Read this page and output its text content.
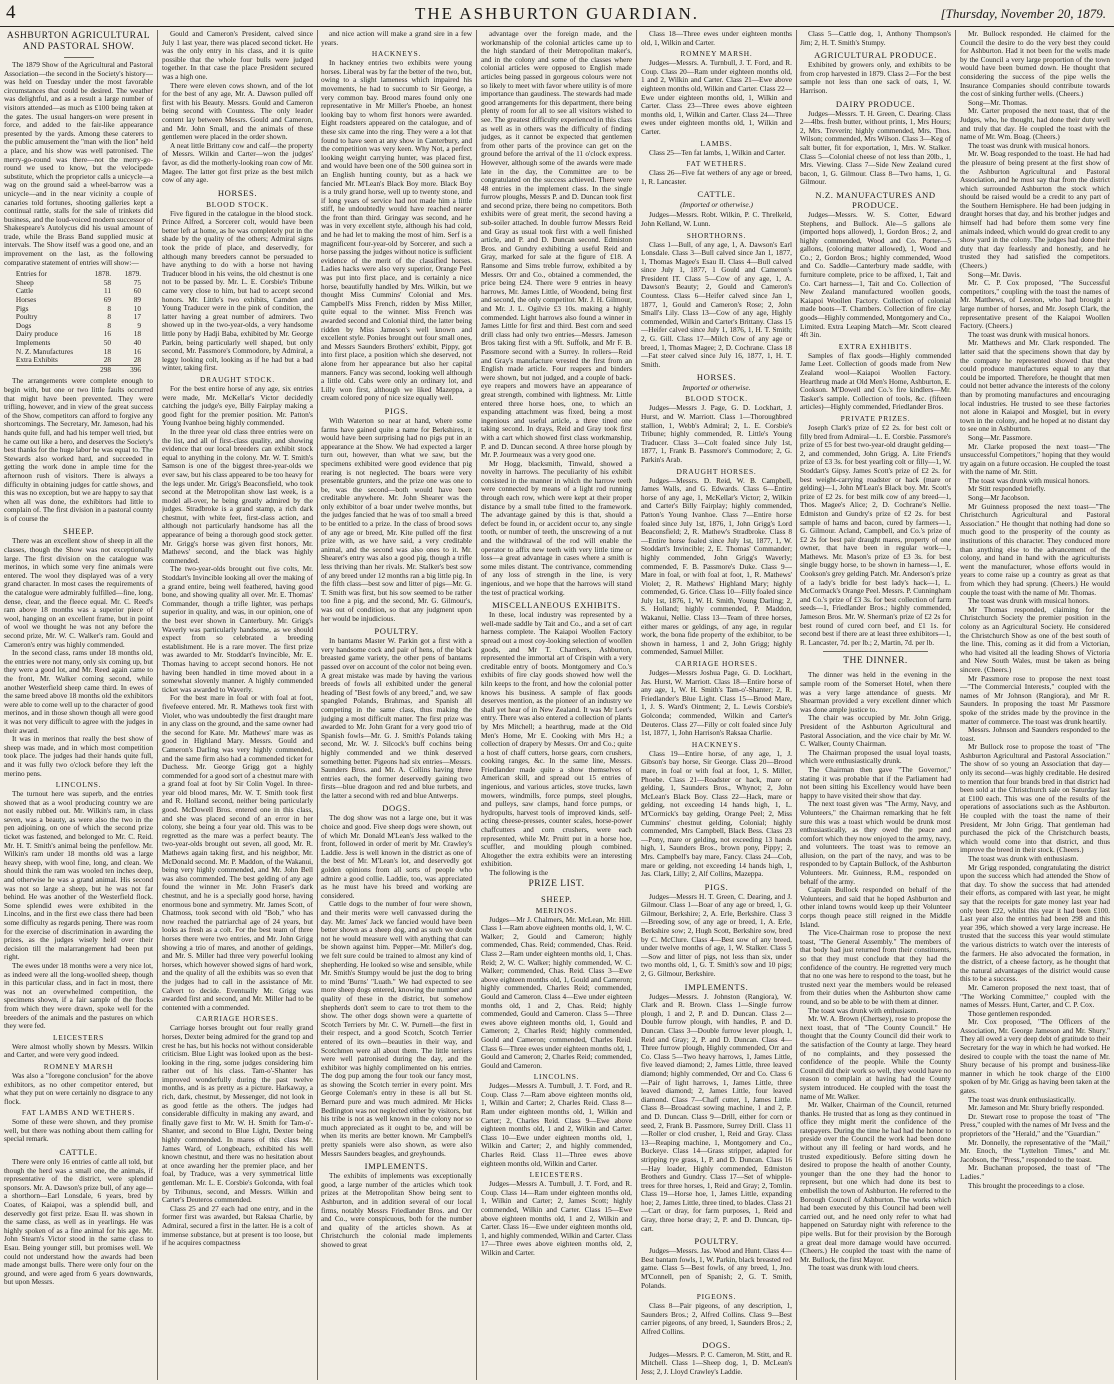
4	THE ASHBURTON GUARDIAN.	[Thursday, November 20, 1879.
ASHBURTON AGRICULTURAL AND PASTORAL SHOW.

The 1879 Show of the Agricultural and Pastoral Association—the second in the Society's history—was held on Tuesday under the most favorable circumstances that could be desired. The weather was delightful, and as a result a large number of visitors attended—as much as £100 being taken at the gates. The usual hangers-on were present in force, and added to the fair-like appearance presented by the yards. Among these caterers to the public amusement the "man with the lion" held a place, and his show was well patronised. The merry-go-round was there—not the merry-go-round we used to know, but the velocipede substitute, which the proprietor calls a unicycle—a wag on the ground said a wheel-barrow was a unicycle—and in the near vicinity a couple of canaries told fortunes, shooting galleries kept a continual rattle, stalls for the sale of trinkets did business, and the loud-voiced modern successor of Shakespeare's Autolycus did his usual amount of trade, while the Brass Band supplied music at intervals. The Show itself was a good one, and an improvement on the last, as the following comparative statement of entries will show:—

Entries for	1878.	1879.
Sheep	58	75
Cattle	11	60
Horses	69	89
Pigs	8	10
Poultry	8	17
Dogs	8	9
Dairy produce	16	18
Implements	50	40
N. Z. Manufactures	18	16
Extra Exhibits	28	28
	298	396

The arrangements were complete enough to begin with, but one or two little faults occurred that might have been prevented. They were trifling, however, and in view of the great success of the Show, competitors can afford to forgive any shortcomings. The Secretary, Mr. Jameson, had his hands quite full, and had his temper well tried, but he came out like a hero, and deserves the Society's best thanks for the huge labor he was equal to. The Stewards also worked hard, and succeeded in getting the work done in ample time for the afternoon rush of visitors. There is always a difficulty in obtaining judges for cattle shows, and this was no exception, but we are happy to say that when all was done, the exhibitors had little to complain of. The first division in a pastoral county is of course the

SHEEP.

There was an excellent show of sheep in all the classes, though the Show was not exceptionally large. The first division on the catalogue was merinos, in which some very fine animals were entered. The wool they displayed was of a very grand character. In most cases the requirements of the catalogue were admirably fulfilled—fine, long, dense, clear, and the fleece equal. Mr. C. Reed's ram above 18 months was a superior piece of wool, hanging on an excellent frame, but in point of wool we thought he was not any before the second prize, Mr. W. C. Walker's ram. Gould and Cameron's entry was highly commended.

In the second class, rams under 18 months old, the entries were not many, only six coming up, but they were a good lot, and Mr. Reed again came to the front, Mr. Walker coming second, while another Westerfield sheep came third. In ewes of the same breed above 18 months old the exhibitors were able to come well up to the character of good merinos, and in those shown though all were good it was not very difficult to agree with the judges in their award.

It was in merinos that really the best show of sheep was made, and in which most competition took place. The judges had their hands quite full, and it was fully two o'clock before they left the merino pens.

LINCOLNS.

The turnout here was superb, and the entries showed that as a wool producing country we are not easily rubbed out. Mr. Wilkin's ram, in class seven, was a beauty, as were also the two in the pen adjoining, on one of which the second prize ticket was fastened, and belonged to Mr. C. Reid. Mr. H. T. Smith's animal being the penfellow. Mr. Wilkin's ram under 18 months old was a large heavy sheep, with wool fine, long, and clean. We should think the ram was wooled ten inches deep, and otherwise he was a grand animal. His second was not so large a sheep, but he was not far behind. He was another of the Westerfield flock. Some splendid ewes were exhibited in the Lincolns, and in the first ewe class there had been some difficulty as regards pening. There was room for the exercise of discrimination in awarding the prizes, as the judges wisely held over their decision till the malarrangement had been put right.

The ewes under 18 months were a very nice lot, as indeed were all the long-woolled sheep, though in this particular class, and in fact in most, there was not an overwhelmed competition, the specimens shown, if a fair sample of the flocks from which they were drawn, spoke well for the breeders of the animals and the pastures on which they were fed.

LEICESTERS

Were almost wholly shown by Messrs. Wilkin and Carter, and were very good indeed.

ROMNEY MARSH

Was also a "foregone conclusion" for the above exhibitors, as no other competitor entered, but what they put on were certainly no disgrace to any flock.

FAT LAMBS AND WETHERS.

Some of these were shown, and they promise well, but there was nothing about them calling for special remark.

CATTLE.

There were only 16 entries of cattle all told, but though the herd was a small one, the animals, if representative of the district, were splendid sponsors. Mr. A. Dawson's prize bull, of any age—a shorthorn—Earl Lonsdale, 6 years, bred by Coates, of Kaiapoi, was a splendid bull, and deservedly got first prize. Esau II. was shown in the same class, as well as in yearlings. He was highly spoken of as a fine animal for his age. Mr. John Stearn's Victor stood in the same class to Esau. Being younger still, but promises well. We could not understand how the awards had been made amongst bulls. There were only four on the ground, and were aged from 6 years downwards, but upon Messrs.

Gould and Cameron's President, calved since July 1 last year, there was placed second ticket. He was the only entry in his class, and it is quite possible that the whole four bulls were judged together. In that case the place President secured was a high one.

There were eleven cows shown, and of the lot for the best of any age, Mr. A. Dawson pulled off first with his Beauty. Messrs. Gould and Cameron being second with Countess. The only leader content lay between Messrs. Gould and Cameron, and Mr. John Small, and the animals of these gentlemen were placed in the order shown.

A neat little Brittany cow and calf—the property of Messrs. Wilkin and Carter—won the judges' favor, as did the motherly-looking roan cow of Mr. Magee. The latter got first prize as the best milch cow of any age.

HORSES.
BLOOD STOCK.

Five figured in the catalogue in the blood stock. Prince Alfred, a Sorcerer colt, would have been better left at home, as he was completely put in the shade by the quality of the others; Admiral signs took the pride of place, and deservedly, for although many breeders cannot be persuaded to have anything to do with a horse not having Traducer blood in his veins, the old chestnut is one not to be passed by. Mr. L. E. Corsbie's Tribune came very close to him, but had to accept second honors. Mr. Little's two exhibits, Camden and Young Traducer were in the pink of condition, the latter having a great number of admirers. Two showed up in the two-year-olds, a very handsome little pony by Hadji Baba, exhibited by Mr. George Parkin, being particularly well shaped, but only second, Mr. Passmore's Commodore, by Admiral, a leggy looking colt, looking as if he had but a bad winter, taking first.

DRAUGHT STOCK.

For the best entire horse of any age, six entries were made, Mr. McKellar's Victor decidedly catching the judge's eye, Billy Fairplay making a good fight for the premier position. Mr. Patton's Young Ivanhoe being highly commended.

In the three year old class three entries were on the list, and all of first-class quality, and showing evidence that our local breeders can exhibit stock equal to anything in the colony. Mr. W. T. Smith's Samson is one of the biggest three-year-olds we ever saw, but his class appeared to be too heavy for the legs under. Mr. Grigg's Beaconsfield, who took second at the Metropolitan show last week, is a model all-over, he being greatly admired by the judges. Stradbroke is a grand stamp, a rich dark chestnut, with white feet, first-class action, and although not particularly handsome has all the appearance of being a thorough good stock getter. Mr. Grigg's horse was given first honors, Mr. Mathews' second, and the black was highly commended.

The two-year-olds brought out five colts, Mr. Stoddart's Invincible looking all over the making of a grand entire, being well feathered, having good bone, and showing quality all over. Mr. E. Thomas' Commander, though a trifle lighter, was perhaps superior in quality, and was, in our opinion, one of the best ever shown in Canterbury. Mr. Grigg's Waverly was particularly handsome, as we should expect from so celebrated a breeding establishment. He is a rare mover. The first prize was awarded to Mr. Stoddart's Invincible, Mr. E. Thomas having to accept second honors. He not having been handled in time moved about in a somewhat slovenly manner. A highly commended ticket was awarded to Waverly.

For the best mare in foal or with foal at foot, fivefeeve entered. Mr. R. Mathews took first with Violet, who was undoubtedly the first draught mare in any class on the ground, and the same owner had the second for Kate. Mr. Mathews' mare was as good in Highland Mary. Messrs. Gould and Cameron's Darling was very highly commended, and the same firm also had a commended ticket for Duchess. Mr. George Grigg got a highly commended for a good sort of a chestnut mare with a grand foal at foot by Sir Colin Vogel. In three-year old blood mares, Mr. W. T. Smith took first and R. Holland second, neither being particularly good. McDowell Bros. entered one in this class, and she was placed second of an error in her colony, she being a four year old. This was to be regretted as the mare was a perfect beauty. The two-year-olds brought out seven, all good, Mr. R. Mathews again taking first, and his neighbor, Mr. McDonald second. Mr. P. Maddon, of the Wakanui, being very highly commended, and Mr. John Bell was also commended. The best gelding of any age found the winner in Mr. John Fraser's dark chestnut, and he is a specially good horse, having enormous bone and symmetry. Mr. James Scott, of Chatmoss, took second with old "Bob," who has now reached the patriarchal age of 24 years, but looks as fresh as a colt. For the best team of three horses there were two entries, and Mr. John Grigg showing a trio of mares, and another of geldings, and Mr. S. Miller had three very powerful looking horses, which however showed signs of hard work, and the quality of all the exhibits was so even that the judges had to call in the assistance of Mr. Calvert to decide. Eventually Mr. Grigg was awarded first and second, and Mr. Miller had to be contented with a commended.

CARRIAGE HORSES.

Carriage horses brought out four really grand horses, Dexter being admired for the grand top and crest he has, but his hocks not without considerable criticism. Blue Light was looked upon as the best-looking in the ring, some judges considering him rather out of his class. Tam-o'-Shanter has improved wonderfully during the past twelve months, and is as pretty as a picture. Harkaway, a rich, dark, chestnut, by Messenger, did not look in as good fettle as the others. The judges had considerable difficulty in making any award, and finally gave first to Mr. W. H. Smith for Tam-o'-Shanter, and second to Blue Light, Dexter being highly commended. In mares of this class Mr. James Ward, of Longbeach, exhibited his well known chestnut, and there was no hesitation about at once awarding her the premier place, and her foal, by Traduce, was a very symmetrical little gentleman. Mr. L. E. Corsbie's Golconda, with foal by Tribunus, second, and Messrs. Wilkin and Carter's Deuteros commended.

Class 25 and 27 each had one entry, and in the former first was awarded, but Raksaa Charlie, by Admiral, secured a first in the latter. He is a colt of immense substance, but at present is too loose, but if he acquires compactness

and nice action will make a grand sire in a few years.

HACKNEYS.

In hackney entries two exhibits were young horses. Liberal was by far the better of the two, but, owing to a slight lameness which impaired his movements, he had to succumb to Sir George, a very common bay. Brood mares found only one representative in Mr Miller's Phoebe, an honest looking bay to whom first honors were awarded. Eight roadsters appeared on the catalogue, and of these six came into the ring. They were a a lot that found to have seen at any show in Canterbury, and the competition was very keen. Why Not, a perfect looking weight carrying hunter, was placed first, and would have been one of the 500 guinea sort in an English hunting county, but as a hack we fancied Mr. M'Lean's Black Boy more. Black Boy is a truly grand horse, well up to twenty stone, and if long years of service had not made him a little stiff, he undoubtedly would have reached nearer the front than third. Gringay was second, and he was in very excellent style, although his had cold, and he had let to making the most of him. Serf is a magnificent four-year-old by Sorcerer, and such a horse passing the judges without notice is sufficient evidence of the merit of the classified horses. Ladies hacks were also very superior, Orange Peel was put into first place, and is certainly a nice horse, beautifully handled by Mrs. Wilkin, but we thought Miss Cummins' Colonial and Mrs. Campbell's Miss French, ridden by Miss Miller, quite equal to the winner. Miss French was awarded second and Colonial third, the latter being ridden by Miss Jameson's well known and excellent style. Ponies brought out four small ones, and Messrs Saunders Brothers' exhibit, Pippy, got into first place, a position which she deserved, not alone from her appearance but also her capital manners. Fancy was second, looking well although a little old. Cabs were only an ordinary lot, and Lilly won first, although we liked Mazeppa, a cream colored pony of nice size equally well.

PIGS.

With Waterton so near at hand, where some farms have gained quite a name for Berkshires, it would have been surprising had no pigs put in an appearance at the Show. We had expected a larger turn out, however, than what we saw, but the specimens exhibited were good evidence that pig rearing is not neglected. The boars were very presentable grunters, and the prize one was one to be, was the second—both would have been creditable anywhere. Mr. John Shearer was the only exhibitor of a boar under twelve months, but the judges fancied that he was of too small a breed to be entitled to a prize. In the class of brood sows of any age or breed, Mr. Kite pulled off the first prize with, as we have said, a very creditable animal, and the second was also ones to it. Mr. Shearer's entry was also a good pig, though a trifle less thriving than her rivals. Mr. Stalker's best sow of any breed under 12 months ran a big little pig. In the fifth class—best sow and litter of pigs—Mr. G. T. Smith was first, but his sow seemed to be rather too fine a pig, and the second, Mr. G. Gilmour's, was out of condition, so that any judgment upon her would be injudicious.

POULTRY.

In bantams Master W. Parkin got a first with a very handsome cock and pair of hens, of the black breasted game variety, the other pens of bantams passed over on account of the color not being even. A great mistake was made by having the various breeds of fowls all exhibited under the general heading of "Best fowls of any breed," and, we saw spangled Polands, Brahmas, and Spanish all competing in the same class, thus making the judging a most difficult matter. The first prize was awarded to Mr. John Grant for a very good trio of Spanish fowls—Mr. G. J. Smith's Polands taking second, Mr. W. J. Silcock's buff cochins being highly commended and we think deserved something better. Pigeons had six entries—Messrs. Saunders Bros. and Mr. A. Collins having three entries each, the former deservedly gaining two firsts—blue dragoon and red and blue turbets, and the latter a second with red and blue Antwerps.

DOGS.

The dog show was not a large one, but it was choice and good. Five sheep dogs were shown, out of which Mr. Donald M'Lean's Jess walked to the front, followed in order of merit by Mr. Crawley's Laddie. Jess is well known in the district as one of the best of Mr. M'Lean's lot, and deservedly got golden opinions from all sorts of people who admire a good collie. Laddie, too, was appreciated as he must have his breed and working are considered.

Cattle dogs to the number of four were shown, and their merits were well canvassed during the day. Mr. James' Jack we fancied would have been better shown as a sheep dog, and as such we doubt not he would measure well with anything that can be shown against him. Pepper—Mr. Miller's dog, we felt sure could be trained to almost any kind of shepherding. He looked so wise and sensible, while Mr. Smith's Stumpy would be just the dog to bring to mind 'Burns' "Luath." We had expected to see more sheep dogs entered, knowing the number and quality of these in the district, but somehow shepherds don't seem to care to trot them to the show. The other dogs shown were a quartette of Scotch Terriers by Mr. C. W. Purnell—the first in their respect, and a good Scotch, Scotch Terrier entered of its own—beauties in their way, and Scotchmen were all about them. The little terriers were well patronised during the day, and the exhibitor was highly complimented on his entries. The dog pup among the four took our fancy most, as showing the Scotch terrier in every point. Mrs George Coleman's entry in these is all but St. Bernard pure and was much admired. Mr Hicks Bedlington was not neglected either by visitors, but his tribe is not as well known in the colony nor so much appreciated as it ought to be, and will be when its merits are better known. Mr Campbell's pretty spaniels were also shown, as were also Messrs Saunders beagles, and greyhounds.

IMPLEMENTS.

The exhibits of implements was exceptionally good, a large number of the articles which took prizes at the Metropolitan Show being sent to Ashburton, and in addition several of our local firms, notably Messrs Friedlander Bros. and Orr and Co., were conspicuous, both for the number and quality of the articles shown. As at Christchurch the colonial made implements showed to great

advantage over the foreign made, and the workmanship of the colonial articles came up to the high standard of their Metropolitan maker's, and in the colony and some of the classes where colonial articles were opposed to English made articles being passed in gorgeous colours were not so likely to meet with favor where utility is of more importance than gaudiness. The stewards had made good arrangements for this department, there being plenty of room for all to see all visitors wished to see. The greatest difficulty experienced in this class as well as in others was the difficulty of finding judges, as it cannot be expected that gentlemen from other parts of the province can get on the ground before the arrival of the 11 o'clock express. However, although some of the awards were made late in the day, the Committee are to be congratulated on the success achieved. There were 48 entries in the implement class. In the single furrow ploughs, Messrs P. and D. Duncan took first and second prize, there being no competitors. Both exhibits were of great merit, the second having a sub-soiler attached. In double furrow Messrs Reid and Gray as usual took first with a well finished article, and P. and D. Duncan second. Edmiston Bros. and Gundry exhibiting a useful Reid and Gray, marked for sale at the figure of £18. A Ransome and Sims treble furrow, exhibited a by Messrs. Orr and Co., obtained a commended, the price being £24. There were 9 entries in heavy harrows, Mr. James Little, of Woodend, being first and second, the only competitor. Mr. J. H. Gilmour, and Mr. J. L. Ogilvie £3 10s. making a highly commended. Light harrows also found a winner in James Little for first and third. Best corn and seed drill class had only two entries—Messrs. Jameson Bros taking first with a 9ft. Suffolk, and Mr F. B. Passmore second with a Surrey. In rollers—Reid and Gray's manufacture wrested the first from an English made article. Four reapers and binders were shown, but not judged, and a couple of back-eye reapers and mowers have an appearance of great strength, combined with lightness. Mr. Little entered three horse hoes, one, to which an expanding attachment was fixed, being a most ingenious and useful article, a three tined one taking second. In drays, Reid and Gray took first with a cart which showed first class workmanship, P. and D. Duncan second. A three horse plough by Mr. P. Jourmeaux was a very good one.

Mr Hogg, blacksmith, Tinwald, showed a novelty in harrows. The peculiarity of his exhibit consisted in the manner in which the harrow teeth were connected by means of a light rod running through each row, which were kept at their proper distance by a small tube fitted to the framework. The advantage gained by this is that, should a defect be found in, or accident occur to, any single tooth, or number of teeth, the unscrewing of a nut and the withdrawal of the rod will enable the operator to affix new teeth with very little time or loss—a great advantage in cases where a smith is some miles distant. The contrivance, commending of any loss of strength in the line, is very ingenious, and we hope that the harrows will stand the test of practical working.

MISCELLANEOUS EXHIBITS.

In these, local industry was represented by a well-made saddle by Tait and Co., and a set of cart harness complete. The Kaiapoi Woollen Factory spread out a most coy-looking selection of woollen goods, and Mr T. Chambers, Ashburton, represented the immortal art of Crispin with a very creditable entry of boots. Montgomery and Co.'s exhibits of fire clay goods showed how well the kiln keeps to the front, and how the colonial potter knows his business. A sample of flax goods deserves mention, as the pioneer of an industry we shall yet hear of in New Zealand. It was Mr Leet's entry. There was also entered a collection of plants by Mrs Mitchell; a hearthrug, made at the Old Men's Home, Mr E. Cooking with Mrs H.; a collection of drapery by Messrs. Orr and Co.; quite a host of chaff cutters, horse gears, corn crushers, cooking ranges, &c. In the same line, Messrs. Friedlander made quite a show themselves of American skill, and spread out 15 entries of ingenious, and various articles, stove trucks, lawn mowers, windmills, force pumps, steel ploughs, and pulleys, saw clamps, hand force pumps, or hydropults, harvest tools of improved kinds, self-acting cheese-presses, counter scales, horse-power chaffcutters and corn crushers, were each represented, while Mr. Pruitt put in a horse hoe, scuffler, and moulding plough combined. Altogether the extra exhibits were an interesting exhibition.

The following is the

PRIZE LIST.
SHEEP.
MERINOS.

Judges—Mr J. Chalmers, Mr. McLean, Mr. Hill. Class 1—Ram above eighteen months old, 1, W. C. Walker; 2, Gould and Cameron; highly commended, Chas. Reid; commended, Chas. Reid. Class 2—Ram under eighteen months old, 1, Chas. Reid; 2, W. C. Walker; highly commended, W. C. Walker; commended, Chas. Reid. Class 3—Ewe above eighteen months old, 1, Gould and Cameron; highly commended, Charles Reid; commended, Gould and Cameron. Class 4—Ewe under eighteen months old, 1 and 2, Chas. Reid; highly commended, Gould and Cameron. Class 5—Three ewes above eighteen months old, 1, Gould and Cameron; 2, Charles Reid; highly commended, Gould and Cameron; commended, Charles Reid. Class 6—Three ewes under eighteen months old, 1, Gould and Cameron; 2, Charles Reid; commended, Gould and Cameron.

LINCOLNS.

Judges—Messrs A. Turnbull, J. T. Ford, and R. Coup. Class 7—Ram above eighteen months old, 1, Wilkin and Carter; 2, Charles Reid. Class 8—Ram under eighteen months old, 1, Wilkin and Carter; 2, Charles Reid. Class 9—Ewe above eighteen months old, 1 and 2, Wilkin and Carter. Class 10—Ewe under eighteen months old, 1, Wilkin and Carter; 2, and highly commended, Charles Reid. Class 11—Three ewes above eighteen months old, Wilkin and Carter.

LEICESTERS.

Judges—Messrs A. Turnbull, J. T. Ford, and R. Coup. Class 14—Ram under eighteen months old, 1, Wilkin and Carter; 2, James Scott; highly commended, Wilkin and Carter. Class 15—Ewe above eighteen months old, 1 and 2, Wilkin and Carter. Class 16—Ewe under eighteen months old, 1, and highly commended, Wilkin and Carter. Class 17—Three ewes above eighteen months old, 2, Wilkin and Carter.

Class 18—Three ewes under eighteen months old, 1, Wilkin and Carter.

ROMNEY MARSH.

Judges—Messrs. A. Turnbull, J. T. Ford, and R. Coup. Class 20—Ram under eighteen months old, 1 and 2, Wilkin and Carter. Class 21—Ewe above eighteen months old, Wilkin and Carter. Class 22—Ewe under eighteen months old, 1, Wilkin and Carter. Class 23—Three ewes above eighteen months old, 1, Wilkin and Carter. Class 24—Three ewes under eighteen months old, 1, Wilkin and Carter.

LAMBS.

Class 25—Ten fat lambs, 1, Wilkin and Carter.

FAT WETHERS.

Class 26—Five fat wethers of any age or breed, 1, R. Lancaster.

CATTLE.
(Imported or otherwise.)

Judges—Messrs. Robt. Wilkin, P. C. Threlkeld, John Kelland, W. Lunn.

SHORTHORNS.

Class 1—Bull, of any age, 1, A. Dawson's Earl Lonsdale. Class 3—Bull calved since Jan 1, 1877, 1, Thomas Magee's Esau II. Class 4—Bull calved since July 1, 1877, 1 Gould and Cameron's President IT. Class 5—Cow of any age, 1, A. Dawson's Beauty; 2, Gould and Cameron's Countess. Class 6—Heifer calved since Jan 1, 1877, 1, Gould and Cameron's Rose; 2, John Small's Lily. Class 13—Cow of any age, Highly commended, Wilkin and Carter's Brittany. Class 15—Heifer calved since July 1, 1876, 1, H. T. Smith; 2, G. Gill. Class 17—Milch Cow of any age or breed, 1, Thomas Magee; 2, D. Cochrane. Class 18—Fat steer calved since July 16, 1877, 1, H. T. Smith.

HORSES.
Imported or otherwise.
BLOOD STOCK.

Judges—Messrs J. Page, G. D. Lockhart, J. Hurst, and W. Marriott. Class 1—Thoroughbred stallion, 1, Webb's Admiral; 2, L. E. Corsbie's Tribune; highly commended, R. Little's Young Traducer. Class 3—Colt foaled since July 1st, 1877, 1, Frank B. Passmore's Commodore; 2, G. Parkin's Arab.

DRAUGHT HORSES.

Judges—Messrs. D. Reid, W. B. Campbell, James Walls, and G. Edwards. Class 6—Entire horse of any age, 1, McKellar's Victor; 2, Wilkin and Carter's Billy Fairplay; highly commended, Patton's Young Ivanhoe. Class 7—Entire horse foaled since July 1st, 1876, 1, John Grigg's Lord Beaconsfield; 2, R. Mathew's Stradbroke. Class 8—Entire horse foaled since July 1st, 1877, 1, W. Stoddart's Invincible; 2, E. Thomas' Commander; highly commended, John Grigg's Waverly; commended, F. B. Passmore's Duke. Class 9—Mare in foal, or with foal at foot, 1, R. Mathews' Violet; 2, R. Mathews' Highland Mary; highly commended, G. Grice. Class 10—Filly foaled since July 1st, 1876, 1, W. H. Smith, Young Darling; 2, S. Holland; highly commended, P. Maddon, Wakanui, Nellie. Class 13—Team of three horses, either mares or geldings, of any age, in regular work, the bona fide property of the exhibitor, to be shown in harness, 1 and 2, John Grigg; highly commended, Samuel Miller.

CARRIAGE HORSES.

Judges—Messrs Joshua Page, G. D. Lockhart, Jas. Hurst, W. Marriott. Class 18—Entire horse of any age, 1, W. H. Smith's Tam-o'-Shanter; 2, R. Friedlander's Blue Light. Class 15—Brood Mare, 1, J. S. Ward's Ointment; 2, L. Lewis Corsbie's Golconda; commended, Wilkin and Carter's Deuteros. Class 27—Filly or colt foaled since July 1st, 1877, 1, John Harrison's Raksaa Charlie.

HACKNEYS.

Class 19—Entire horse, of any age, 1, J. Gibson's bay horse, Sir George. Class 20—Brood mare, in foal or with foal at foot, 1, S. Miller, Phoebe. Class 21—Roadster or hack, mare or gelding, 1, Saunders Bros., Whynot; 2, John McLean's Black Boy. Class 22—Hack, mare or gelding, not exceeding 14 hands high, 1, L. M'Cormick's bay gelding, Orange Peel; 2, Miss Cummins' chestnut gelding, Colonial; highly commended, Mrs Campbell, Black Bess. Class 23—Pony, mare or gelding, not exceeding 13 hands high, 1, Saunders Bros., brown pony, Pippy; 2, Mrs. Campbell's bay mare, Fancy. Class 24—Cob, mare or gelding, not exceeding 14 hands high, 1, Jas. Clark, Lilly; 2, Alf Collins, Mazeppa.

PIGS.

Judges—Messrs H. T. Green, C. Dearing, and J. Gilmour. Class 1—Boar of any age or breed, 1, G. Gilmour, Berkshire; 2, A. Erle, Berkshire. Class 3—Breeding sow, of any age or breed, 1, A. Erle, Berkshire sow; 2, Hugh Scott, Berkshire sow, bred by C. McClure. Class 4—Best sow of any breed, under twelve months of age, 1, W. Stalker. Class 5—Sow and litter of pigs, not less than six, under two months old, 1, G. T. Smith's sow and 10 pigs; 2, G. Gilmour, Berkshire.

IMPLEMENTS.

Judges—Messrs. J. Johnston (Rangiora), W. Clark and R. Brown. Class 1—Single furrow plough, 1 and 2, P. and D. Duncan. Class 2—Double furrow plough, with handles, P. and D. Duncan. Class 3—Double furrow lever plough, 1, Reid and Gray; 2, P. and D. Duncan. Class 4—Three furrow plough, Highly commended, Orr and Co. Class 5—Two heavy harrows, 1, James Little, five leaved diamond; 2, James Little, three leaved diamond; highly commended, Orr and Co. Class 6—Pair of light harrows, 1, James Little, three leaved diamond; 2, James Little, four leaved diamond. Class 7—Chaff cutter, 1, James Little. Class 8—Broadcast sowing machine, 1 and 2, P. and D. Duncan. Class 9—Drill, either for corn or seed, 2, Frank B. Passmore, Surrey Drill. Class 11—Roller or clod crusher, 1, Reid and Gray. Class 13—Reaping machine, 1, Montgomery and Co., Buckeye. Class 14—Grass stripper, adapted for stripping rye grass, 1, P. and D. Duncan. Class 16—Hay loader, Highly commended, Edmiston Brothers and Gundry. Class 17—Set of whipple-trees for three horses, 1, Reid and Gray; 2, Tomlin. Class 19—Horse hoe, 1, James Little, expanding hoe; 2, James Little, three tined, to blades. Class 21—Cart or dray, for farm purposes, 1, Reid and Gray, three horse dray; 2, P. and D. Duncan, tip-cart.

POULTRY.

Judges—Messrs. Jas. Wood and Hunt. Class 4—Best bantam fowls, 1, W. Parkin, black breasted red game. Class 5—Best fowls, of any breed, 1, Jno. M'Connell, pen of Spanish; 2, G. T. Smith, Polands.

PIGEONS.

Class 8—Pair pigeons, of any description, 1, Saunders Bros.; 2, Alfred Collins. Class 9—Best carrier pigeons, of any breed, 1, Saunders Bros.; 2, Alfred Collins.

DOGS.

Judges—Messrs. P. C. Cameron, M. Stitt, and R. Mitchell. Class 1—Sheep dog, 1, D. McLean's Jess; 2, J. Lloyd Crawley's Laddie.

Class 5—Cattle dog, 1, Anthony Thompson's Jim; 2, H. T. Smith's Stumpy.

AGRICULTURAL PRODUCE.

Exhibited by growers only, and exhibits to be from crop harvested in 1879. Class 2—For the best sample not less than one sack of oats, 1, W. Harrison.

DAIRY PRODUCE.

Judges—Messrs. T. H. Green, C. Dearing. Class 2—4lbs. fresh butter, without prints, 1, Mrs Hours; 2, Mrs. Treverin; highly commended, Mrs. Thos. Wilson; commended, Mrs Wilson. Class 3—Keg of salt butter, fit for exportation, 1, Mrs. W. Stalker. Class 5—Colonial cheese of not less than 20lb., 1, Mrs. Viewing. Class 7—Side New Zealand cured bacon, 1, G. Gilmour. Class 8—Two hams, 1, G. Gilmour.

N.Z. MANUFACTURES AND PRODUCE.

Judges—Messrs. W. S. Cotter, Edward Stephens, and Bullock. Ale—5 gallons ale (imported hops allowed), 1, Gordon Bros.; 2, and highly commended, Wood and Co. Porter—5 gallons, (coloring matter allowed), 1, Wood and Co.; 2, Gordon Bros.; highly commended, Wood and Co. Saddle—Canterbury made saddle, with furniture complete, price to be affixed, 1, Tait and Co. Cart harness—1, Tait and Co. Collection of New Zealand manufactured woollen goods, Kaiapoi Woollen Factory. Collection of colonial made boots—T. Chambers. Collection of fire clay goods—Highly commended, Montgomery and Co., Limited. Extra Leaping Match—Mr. Scott cleared 4ft 3in.

EXTRA EXHIBITS.

Samples of flax goods—Highly commended Jame Leet. Collection of goods made from New Zealand wool—Kaiapoi Woollen Factory. Hearthrug made at Old Men's Home, Ashburton, E. Cookson. M'Dowell and Co.'s fire kindlers—Mr. Tasker's sample. Collection of tools, &c. (fifteen articles)—Highly commended, Friedlander Bros.

PRIVATE PRIZES.

Joseph Clark's prize of £2 2s. for best colt or filly bred from Admiral—L. E. Corsbie. Passmore's prize of £5 for best two-year-old draught gelding—2, and commended, John Grigg. A. Lite Friend's prize of £3 3s. for best yearling colt or filly—1, W. Stoddart's Gipsy. James Scott's prize of £2 2s. for best weight-carrying roadster or hack (mare or gelding)—1, John M'Lean's Black boy. Mr. Scott's prize of £2 2s. for best milk cow of any breed—1, Thos. Magee's Alice; 2, D. Cochrane's Nellie. Edmiston and Gundry's prize of £2 2s. for best sample of hams and bacon, cured by farmers—1, G. Gilmour. Acland, Campbell, and Co.'s prize of £2 2s for best pair draught mares, property of one owner, that have been in regular work—1, Mathews. Mr. Mason's prize of £3 3s. for best single buggy horse, to be shown in harness—1, E. Cookson's grey gelding Patch. Mr. Anderson's prize of a lady's bridle for best lady's hack—1, L. McCormack's Orange Peel. Messrs. P. Cunningham and Co.'s prize of £3 3s. for best collection of farm seeds—1, Friedlander Bros.; highly commended, Jameson Bros. Mr. W. Sherman's prize of £2 2s for best round of cured corn beef, and £1 1s. for second best if there are at least three exhibitors—1, R. Lancaster, 7d. per lb.; 2, Martin, 7d. per lb.

THE DINNER.

The dinner was held in the evening in the sample room of the Somerset Hotel, when there was a very large attendance of guests. Mr Shearman provided a very excellent dinner which was done ample justice to.

The chair was occupied by Mr. John Grigg, President of the Ashburton Agricultural and Pastoral Association, and the vice chair by Mr. W. C. Walker, County Chairman.

The Chairman proposed the usual loyal toasts, which were enthusiastically drunk.

The Chairman then gave "The Governor," stating it was probable that if the Parliament had not been sitting his Excellency would have been happy to have visited their show that day.

The next toast given was "The Army, Navy, and Volunteers," the Chairman remarking that he felt sure this was a toast which would be drunk most enthusiastically, as they owed the peace and comfort which they now enjoyed to the army, navy, and volunteers. The toast was to remove an allusion, on the part of the navy, and was to be responded to by Captain Bullock, of the Ashburton Volunteers. Mr. Guinness, R.M., responded on behalf of the army.

Captain Bullock responded on behalf of the Volunteers, and said that he hoped Ashburton and other inland towns would keep up their Volunteer corps though peace still reigned in the Middle Island.

The Vice-Chairman rose to propose the next toast, "The General Assembly." The members of that body had just returned from their constituents, so that they must conclude that they had the confidence of the country. He regretted very much that no one was here to respond to the toast, but he trusted next year the members would be released from their duties when the Ashburton show came round, and so be able to be with them at dinner.

The toast was drunk with enthusiasm.

Mr. W. A. Brown (Chertsey), rose to propose the next toast, that of "The County Council." He thought that the County Council did their work to the satisfaction of the County at large. They heard of no complaints, and they possessed the confidence of the people. While the County Council did their work so well, they would have no reason to complain at having had the County system introduced. He coupled with the toast the name of Mr. Walker.

Mr. Walker, Chairman of the Council, returned thanks. He trusted that as long as they continued in office they might merit the confidence of the ratepayers. During the time he had had the honor to preside over the Council the work had been done without any ill feeling or hard words, and he trusted expeditiously. Before sitting down he desired to propose the health of another County, younger than the one they had the honor to represent, but one which had done its best to embellish the town of Ashburton. He referred to the Borough Council of Ashburton. The works which had been executed by this Council had been well carried out, and he need only refer to what had happened on Saturday night with reference to the pipe wells. But for their provision by the Borough a great deal more damage would have occurred. (Cheers.) He coupled the toast with the name of Mr. Bullock, the first Mayor.

The toast was drunk with loud cheers.

Mr. Bullock responded. He claimed for the Council the desire to do the very best they could for Ashburton. Had it not been for the wells made by the Council a very large proportion of the town would have been burned down. He thought that considering the success of the pipe wells the Insurance Companies should contribute towards the cost of sinking further wells. (Cheers.)

Song—Mr. Thomas.

Mr. Carter proposed the next toast, that of the Judges, who, he thought, had done their duty well and truly that day. He coupled the toast with the name of Mr. Wm. Boag. (Cheers.)

The toast was drunk with musical honors.

Mr. W. Boag responded to the toast. He had had the pleasure of being present at the first show of the Ashburton Agricultural and Pastoral Association, and he must say that from the district which surrounded Ashburton the stock which should be raised would be a credit to any part of the Southern Hemisphere. He had been judging in draught horses that day, and his brother judges and himself had had before them some very fine animals indeed, which would do great credit to any show yard in the colony. The judges had done their duty that day fearlessly and honestly, and he trusted they had satisfied the competitors. (Cheers.)

Song—Mr. Davis.

Mr. C. P. Cox proposed, "The Successful competitors," coupling with the toast the names of Mr. Matthews, of Leeston, who had brought a large number of horses, and Mr. Joseph Clark, the representative present of the Kaiapoi Woollen Factory. (Cheers.)

The toast was drunk with musical honors.

Mr. Matthews and Mr. Clark responded. The latter said that the specimens shown that day by the company he represented showed that they could produce manufactures equal to any that could be imported. Therefore, he thought that men could not better advance the interests of the colony than by promoting manufactures and encouraging local industries. He trusted to see these factories not alone in Kaiapoi and Mosgiel, but in every town in the colony, and he hoped at no distant day to see one in Ashburton.

Song—Mr. Passmore.

Mr. Clarke proposed the next toast—"The unsuccessful Competitors," hoping that they would try again on a future occasion. He coupled the toast with the name of Mr. Stitt.

The toast was drunk with musical honors.

Mr Stitt responded briefly.

Song—Mr Jacobson.

Mr Guinness proposed the next toast—"The Christchurch Agricultural and Pastoral Association." He thought that nothing had done so much good to the prosperity of the county as institutions of this character. They conduced more than anything else to the advancement of the colony, and hand in hand with the agriculturists went the manufacturer, whose efforts would in years to come raise up a country as great as that from which they had sprung. (Cheers.) He would couple the toast with the name of Mr. Thomas.

The toast was drunk with musical honors.

Mr Thomas responded, claiming for the Christchurch Society the premier position in the colony as an Agricultural Society. He considered the Christchurch Show as one of the best south of the line. This, coming as it did from a Victorian, who had visited all the leading Shows of Victoria and New South Wales, must be taken as being sincere. (Cheers.)

Mr Passmore rose to propose the next toast—"The Commercial Interests," coupled with the names of Mr Johnson (Rangiora), and Mr R. Saunders. In proposing the toast Mr Passmore spoke of the strides made by the province in the matter of commerce. The toast was drunk heartily.

Messrs. Johnson and Saunders responded to the toast.

Mr Bullock rose to propose the toast of "The Ashburton Agricultural and Pastoral Association." The show of so young an Association that day—only its second—was highly creditable. He desired to mention that four brands bred in that district had been sold at the Christchurch sale on Saturday last at £100 each. This was one of the results of the operations of associations such as the Ashburton. He coupled with the toast the name of their President, Mr John Grigg. That gentleman had purchased the pick of the Christchurch beasts, which would come into that district, and thus improve the breed in their stock. (Cheers.)

The toast was drunk with enthusiasm.

Mr Grigg responded, congratulating the district upon the success which had attended the Show of that day. To show the success that had attended their efforts, as compared with last year, he might say that the receipts for gate money last year had only been £22, whilst this year it had been £100. Last year also the entries had been 298 and this year 396, which showed a very large increase. He trusted that the success this year would stimulate the various districts to watch over the interests of the farmers. He also advocated the formation, in the district, of a cheese factory, as he thought that the natural advantages of the district would cause this to be a success.

Mr. Cameron proposed the next toast, that of "The Working Committee," coupled with the names of Messrs. Hunt, Carter, and C. P. Cox.

Those gentlemen responded.

Mr. Cox proposed, "The Officers of the Association, Mr. George Jameson and Mr. Shury." They all owed a very deep debt of gratitude to their Secretary for the way in which he had worked. He desired to couple with the toast the name of Mr. Shury because of his prompt and business-like manner in which he took charge of the £100 spoken of by Mr. Grigg as having been taken at the gates.

The toast was drunk enthusiastically.

Mr. Jameson and Mr. Shury briefly responded.

Dr. Stewart rose to propose the toast of "The Press," coupled with the names of Mr Ivess and the proprietors of the "Herald," and the "Guardian."

Mr. Donnelly, the representative of the "Mail," Mr. Enoch, the "Lyttelton Times," and Mr. Jacobson, the "Press," responded to the toast.

Mr. Buchanan proposed, the toast of "The Ladies."

This brought the proceedings to a close.
